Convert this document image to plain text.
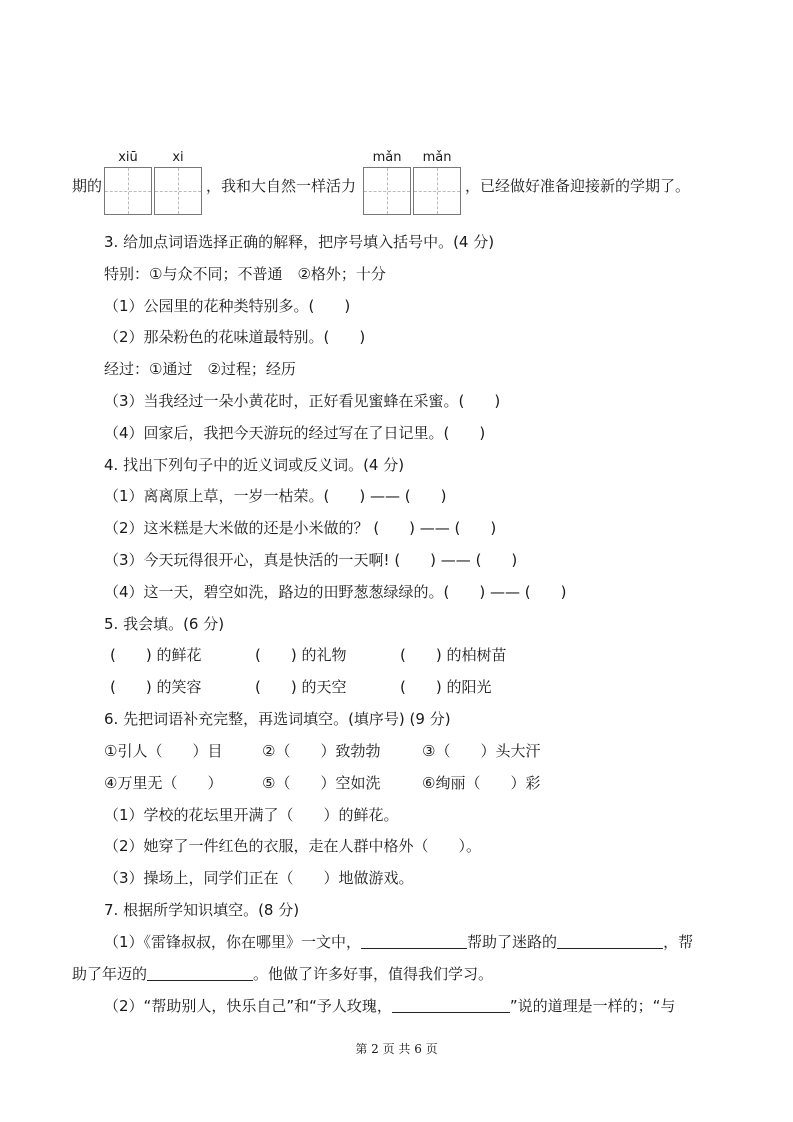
xiū	xi	mǎn	mǎn
期的	，我和大自然一样活力	，已经做好准备迎接新的学期了。
3. 给加点词语选择正确的解释，把序号填入括号中。(4 分)
特别：①与众不同；不普通　②格外；十分
（1）公园里的花种类特别多。(　　)
（2）那朵粉色的花味道最特别。(　　)
经过：①通过　②过程；经历
（3）当我经过一朵小黄花时，正好看见蜜蜂在采蜜。(　　)
（4）回家后，我把今天游玩的经过写在了日记里。(　　)
4. 找出下列句子中的近义词或反义词。(4 分)
（1）离离原上草，一岁一枯荣。(　　) —— (　　)
（2）这米糕是大米做的还是小米做的？ (　　) —— (　　)
（3）今天玩得很开心，真是快活的一天啊! (　　) —— (　　)
（4）这一天，碧空如洗，路边的田野葱葱绿绿的。(　　) —— (　　)
5. 我会填。(6 分)
(　　) 的鲜花	(　　) 的礼物	(　　) 的柏树苗
(　　) 的笑容	(　　) 的天空	(　　) 的阳光
6. 先把词语补充完整，再选词填空。(填序号) (9 分)
①引人（　　）目	②（　　）致勃勃	③（　　）头大汗
④万里无（　　）	⑤（　　）空如洗	⑥绚丽（　　）彩
（1）学校的花坛里开满了（　　）的鲜花。
（2）她穿了一件红色的衣服，走在人群中格外（　　）。
（3）操场上，同学们正在（　　）地做游戏。
7. 根据所学知识填空。(8 分)
（1）《雷锋叔叔，你在哪里》一文中，	帮助了迷路的	，帮
助了年迈的	。他做了许多好事，值得我们学习。
（2）“帮助别人，快乐自己”和“予人玫瑰，	”说的道理是一样的；“与
第 2 页 共 6 页
